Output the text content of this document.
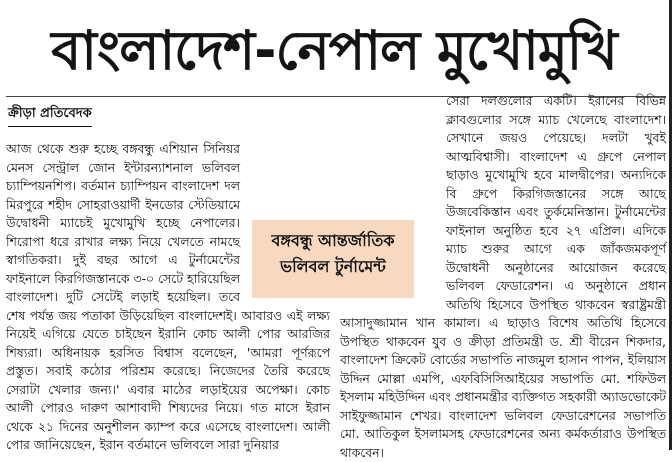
বাংলাদেশ-নেপাল মুখোমুখি
ক্রীড়া প্রতিবেদক

আজ থেকে শুরু হচ্ছে বঙ্গবন্ধু এশিয়ান সিনিয়র মেনস সেন্ট্রাল জোন ইন্টারন্যাশনাল ভলিবল চ্যাম্পিয়নশিপ। বর্তমান চ্যাম্পিয়ন বাংলাদেশ দল মিরপুরে শহীদ সোহরাওয়ার্দী ইনডোর স্টেডিয়ামে উদ্বোধনী ম্যাচেই মুখোমুখি হচ্ছে নেপালের। শিরোপা ধরে রাখার লক্ষ্য নিয়ে খেলতে নামছে স্বাগতিকরা। দুই বছর আগে এ টুর্নামেন্টের ফাইনালে কিরগিজস্তানকে ৩-০ সেটে হারিয়েছিল বাংলাদেশ। দুটি সেটেই লড়াই হয়েছিল। তবে শেষ পর্যন্ত জয় পতাকা উড়িয়েছিল বাংলাদেশই। আবারও এই লক্ষ্য নিয়েই এগিয়ে যেতে চাইছেন ইরানি কোচ আলী পোর আরজির শিষ্যরা। অধিনায়ক হরসিত বিশ্বাস বলেছেন, 'আমরা পূর্ণরূপে প্রস্তুত। সবাই কঠোর পরিশ্রম করেছে। নিজেদের তৈরি করেছে সেরাটা খেলার জন্য।' এবার মাঠের লড়াইয়ের অপেক্ষা। কোচ আলী পোরও দারুণ আশাবাদী শিষ্যদের নিয়ে। গত মাসে ইরান থেকে ২১ দিনের অনুশীলন ক্যাম্প করে এসেছে বাংলাদেশ। আলী পোর জানিয়েছেন, ইরান বর্তমানে ভলিবলে সারা দুনিয়ার

সেরা দলগুলোর একটি। ইরানের বিভিন্ন ক্লাবগুলোর সঙ্গে ম্যাচ খেলেছে বাংলাদেশ। সেখানে জয়ও পেয়েছে। দলটা খুবই আত্মবিশ্বাসী। বাংলাদেশ এ গ্রুপে নেপাল ছাড়াও মুখোমুখি হবে মালদ্বীপের। অন্যদিকে বি গ্রুপে কিরগিজস্তানের সঙ্গে আছে উজবেকিস্তান এবং তুর্কমেনিস্তান। টুর্নামেন্টের ফাইনাল অনুষ্ঠিত হবে ২৭ এপ্রিল। এদিকে ম্যাচ শুরুর আগে এক জাঁকজমকপূর্ণ উদ্বোধনী অনুষ্ঠানের আয়োজন করেছে ভলিবল ফেডারেশন। এ অনুষ্ঠানে প্রধান অতিথি হিসেবে উপস্থিত থাকবেন স্বরাষ্ট্রমন্ত্রী আসাদুজ্জামান খান কামাল। এ ছাড়াও বিশেষ অতিথি হিসেবে উপস্থিত থাকবেন যুব ও ক্রীড়া প্রতিমন্ত্রী ড. শ্রী বীরেন শিকদার, বাংলাদেশ ক্রিকেট বোর্ডের সভাপতি নাজমুল হাসান পাপন, ইলিয়াস উদ্দিন মোল্লা এমপি, এফবিসিসিআইয়ের সভাপতি মো. শফিউল ইসলাম মহিউদ্দিন এবং প্রধানমন্ত্রীর ব্যক্তিগত সহকারী অ্যাডভোকেট সাইফুজ্জামান শেখর। বাংলাদেশ ভলিবল ফেডারেশনের সভাপতি মো. আতিকুল ইসলামসহ ফেডারেশনের অন্য কর্মকর্তারাও উপস্থিত থাকবেন।

বঙ্গবন্ধু আন্তর্জাতিক ভলিবল টুর্নামেন্ট
